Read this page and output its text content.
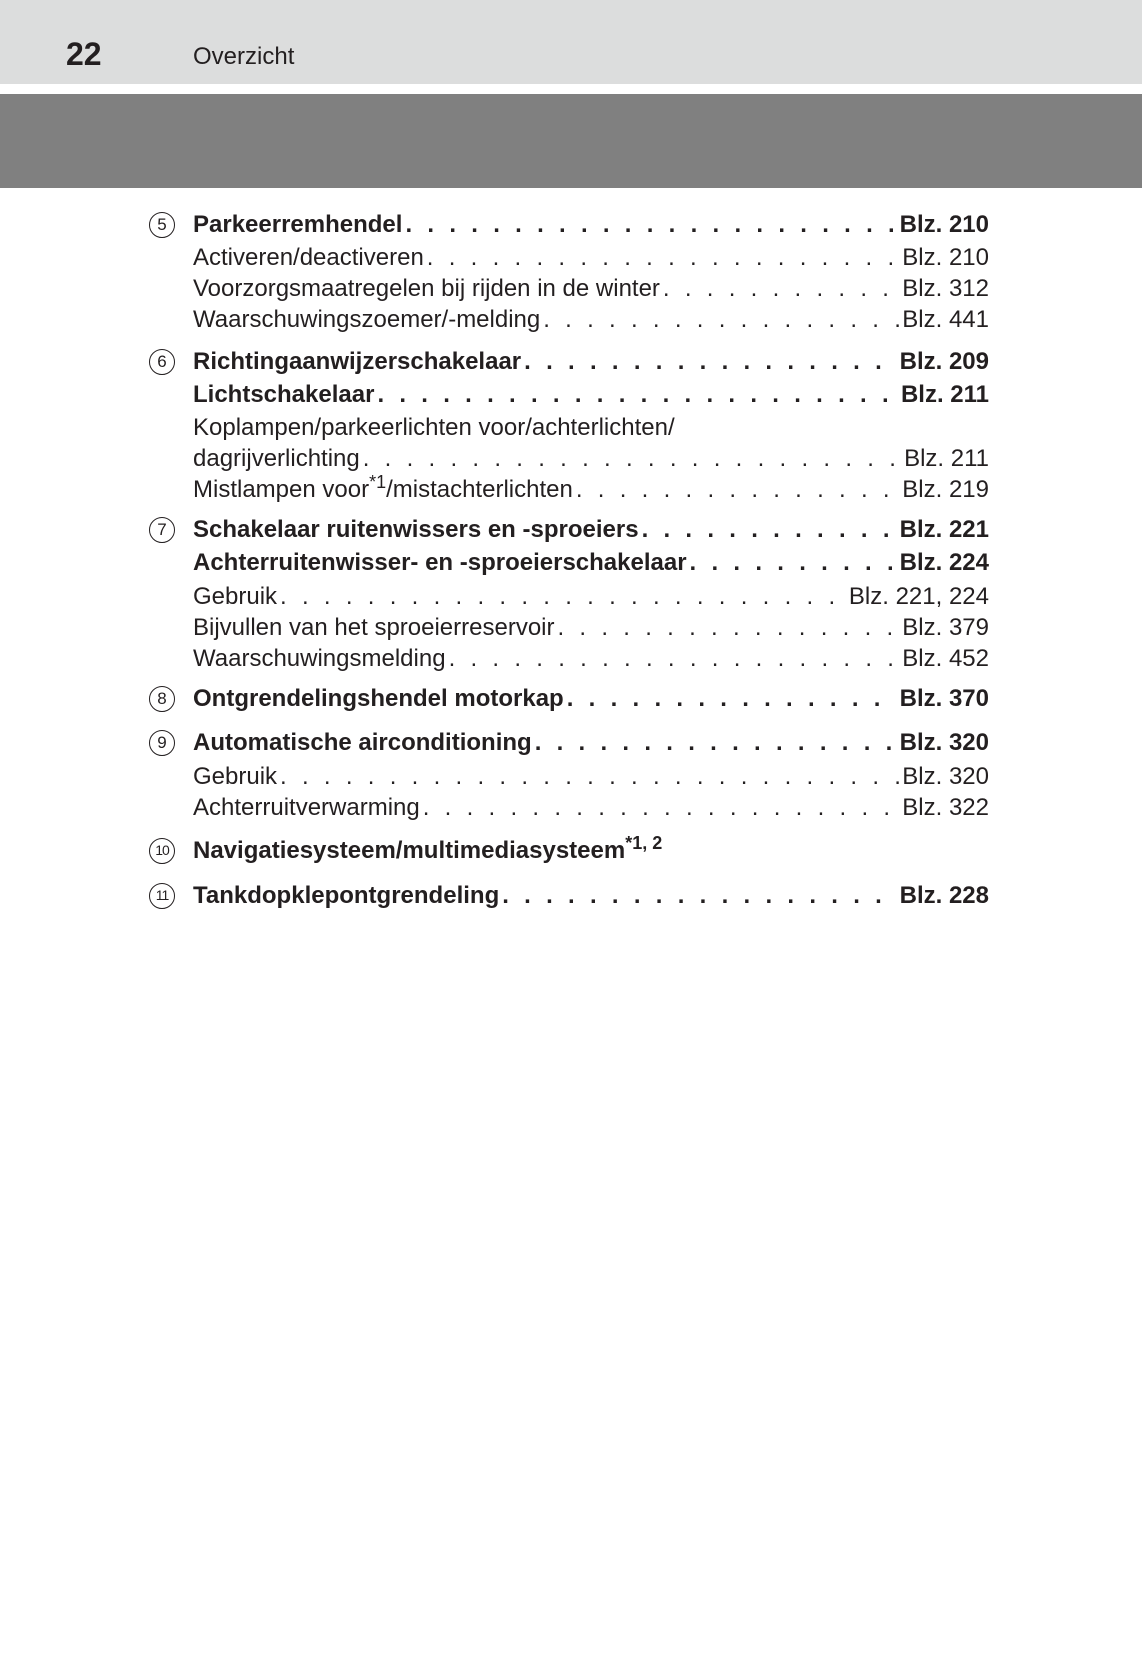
22	Overzicht
5	Parkeerremhendel . . .	Blz. 210
Activeren/deactiveren . . .	Blz. 210
Voorzorgsmaatregelen bij rijden in de winter . . .	Blz. 312
Waarschuwingszoemer/-melding . . .	Blz. 441
6	Richtingaanwijzerschakelaar . . .	Blz. 209
Lichtschakelaar . . .	Blz. 211
Koplampen/parkeerlichten voor/achterlichten/
dagrijverlichting . . .	Blz. 211
Mistlampen voor$^{*1}$/mistachterlichten . . .	Blz. 219
7	Schakelaar ruitenwissers en -sproeiers . . .	Blz. 221
Achterruitenwisser- en -sproeierschakelaar . . .	Blz. 224
Gebruik . . .	Blz. 221, 224
Bijvullen van het sproeierreservoir . . .	Blz. 379
Waarschuwingsmelding . . .	Blz. 452
8	Ontgrendelingshendel motorkap . . .	Blz. 370
9	Automatische airconditioning . . .	Blz. 320
Gebruik . . .	Blz. 320
Achterruitverwarming . . .	Blz. 322
10 Navigatiesysteem/multimediasysteem$^{*1, 2}$
11 Tankdopklepontgrendeling . . .	Blz. 228
